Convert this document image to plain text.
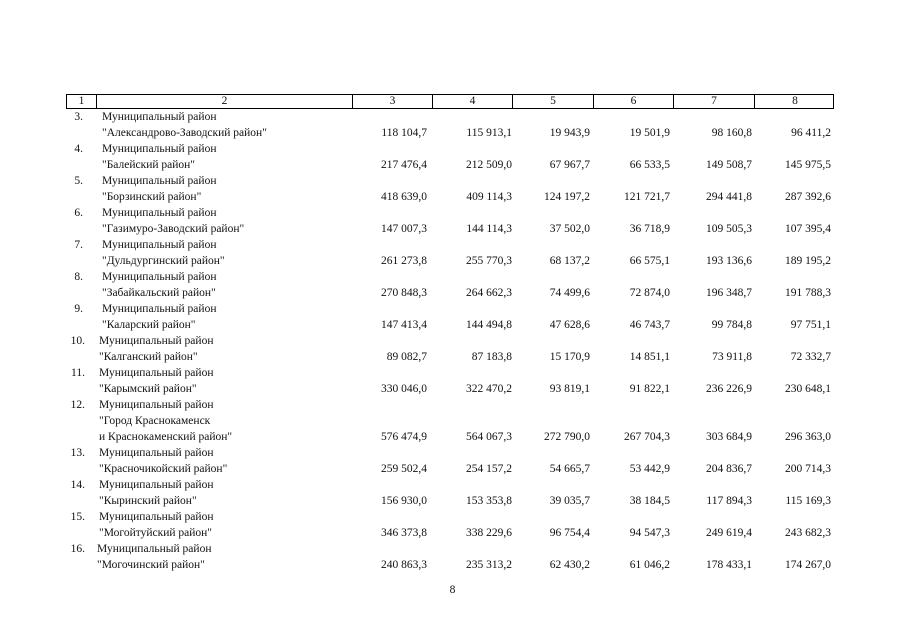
1	2	3	4	5	6	7	8
3. Муниципальный район
"Александрово-Заводский район"	118 104,7	115 913,1	19 943,9	19 501,9	98 160,8	96 411,2
4. Муниципальный район
"Балейский район"	217 476,4	212 509,0	67 967,7	66 533,5	149 508,7	145 975,5
5. Муниципальный район
"Борзинский район"	418 639,0	409 114,3	124 197,2	121 721,7	294 441,8	287 392,6
6. Муниципальный район
"Газимуро-Заводский район"	147 007,3	144 114,3	37 502,0	36 718,9	109 505,3	107 395,4
7. Муниципальный район
"Дульдургинский район"	261 273,8	255 770,3	68 137,2	66 575,1	193 136,6	189 195,2
8. Муниципальный район
"Забайкальский район"	270 848,3	264 662,3	74 499,6	72 874,0	196 348,7	191 788,3
9. Муниципальный район
"Каларский район"	147 413,4	144 494,8	47 628,6	46 743,7	99 784,8	97 751,1
10. Муниципальный район
"Калганский район"	89 082,7	87 183,8	15 170,9	14 851,1	73 911,8	72 332,7
11. Муниципальный район
"Карымский район"	330 046,0	322 470,2	93 819,1	91 822,1	236 226,9	230 648,1
12. Муниципальный район
"Город Краснокаменск
и Краснокаменский район"	576 474,9	564 067,3	272 790,0	267 704,3	303 684,9	296 363,0
13. Муниципальный район
"Красночикойский район"	259 502,4	254 157,2	54 665,7	53 442,9	204 836,7	200 714,3
14. Муниципальный район
"Кыринский район"	156 930,0	153 353,8	39 035,7	38 184,5	117 894,3	115 169,3
15. Муниципальный район
"Могойтуйский район"	346 373,8	338 229,6	96 754,4	94 547,3	249 619,4	243 682,3
16. Муниципальный район
"Могочинский район"	240 863,3	235 313,2	62 430,2	61 046,2	178 433,1	174 267,0
8
